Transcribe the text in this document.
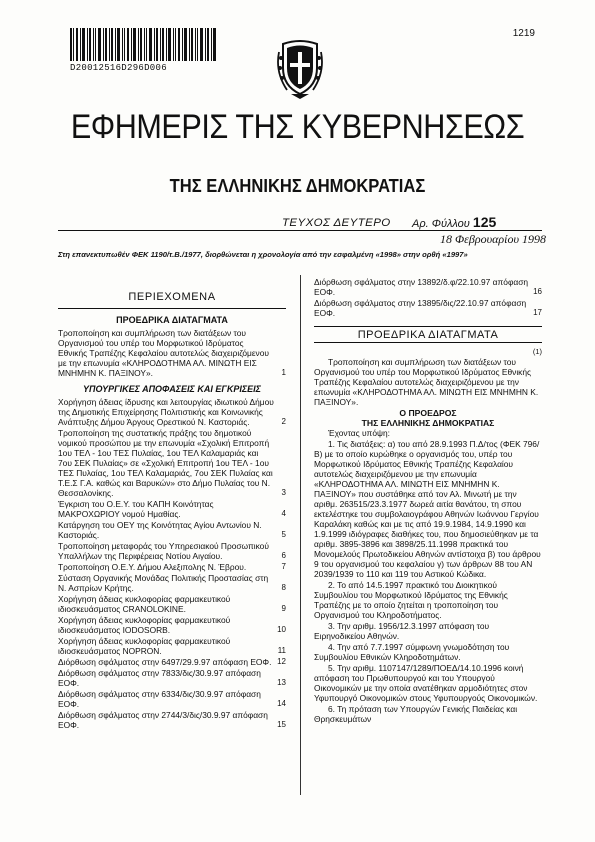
D20012516D296D006
1219
ΕΦΗΜΕΡΙΣ ΤΗΣ ΚΥΒΕΡΝΗΣΕΩΣ
ΤΗΣ ΕΛΛΗΝΙΚΗΣ ΔΗΜΟΚΡΑΤΙΑΣ
ΤΕΥΧΟΣ ΔΕΥΤΕΡΟ Αρ. Φύλλου 125
18 Φεβρουαρίου 1998
Στη επανεκτυπωθέν ΦΕΚ 1190/τ.Β./1977, διορθώνεται η χρονολογία από την εσφαλμένη «1998» στην ορθή «1997»
ΠΕΡΙΕΧΟΜΕΝΑ
ΠΡΟΕΔΡΙΚΑ ΔΙΑΤΑΓΜΑΤΑ
Τροποποίηση και συμπλήρωση των διατάξεων του Οργανισμού του υπέρ του Μορφωτικού Ιδρύματος Εθνικής Τραπέζης Κεφαλαίου αυτοτελώς διαχειριζόμενου με την επωνυμία «ΚΛΗΡΟΔΟΤΗΜΑ ΑΛ. ΜΙΝΩΤΗ ΕΙΣ ΜΝΗΜΗΝ Κ. ΠΑΞΙΝΟΥ».	1
ΥΠΟΥΡΓΙΚΕΣ ΑΠΟΦΑΣΕΙΣ ΚΑΙ ΕΓΚΡΙΣΕΙΣ
Χορήγηση άδειας ίδρυσης και λειτουργίας ιδιωτικού Δήμου της Δημοτικής Επιχείρησης Πολιτιστικής και Κοινωνικής Ανάπτυξης Δήμου Άργους Ορεστικού Ν. Καστοριάς.	2
Τροποποίηση της συστατικής πράξης του δημοτικού νομικού προσώπου με την επωνυμία «Σχολική Επιτροπή 1ου ΤΕΛ - 1ου ΤΕΣ Πυλαίας, 1ου ΤΕΛ Καλαμαριάς και 7ου ΣΕΚ Πυλαίας» σε «Σχολική Επιτροπή 1ου ΤΕΛ - 1ου ΤΕΣ Πυλαίας, 1ου ΤΕΛ Καλαμαριάς, 7ου ΣΕΚ Πυλαίας και Τ.Ε.Σ Γ.Α. καθώς και Βαρυκών» στο Δήμο Πυλαίας του Ν. Θεσσαλονίκης.	3
Έγκριση του Ο.Ε.Υ. του ΚΑΠΗ Κοινότητας ΜΑΚΡΟΧΩΡΙΟΥ νομού Ημαθίας.	4
Κατάργηση του ΟΕΥ της Κοινότητας Αγίου Αντωνίου Ν. Καστοριάς.	5
Τροποποίηση μεταφοράς του Υπηρεσιακού Προσωπικού Υπαλλήλων της Περιφέρειας Νοτίου Αιγαίου.	6
Τροποποίηση Ο.Ε.Υ. Δήμου Αλεξιπολης Ν. Έβρου.	7
Σύσταση Οργανικής Μονάδας Πολιτικής Προστασίας στη Ν. Ασπρίων Κρήτης.	8
Χορήγηση άδειας κυκλοφορίας φαρμακευτικού ιδιοσκευάσματος CRANOLOKINE.	9
Χορήγηση άδειας κυκλοφορίας φαρμακευτικού ιδιοσκευάσματος IODOSORB.	10
Χορήγηση άδειας κυκλοφορίας φαρμακευτικού ιδιοσκευάσματος NOPRON.	11
Διόρθωση σφάλματος στην 6497/29.9.97 απόφαση ΕΟΦ. 12
Διόρθωση σφάλματος στην 7833/δις/30.9.97 απόφαση ΕΟΦ.	13
Διόρθωση σφάλματος στην 6334/δις/30.9.97 απόφαση ΕΟΦ.	14
Διόρθωση σφάλματος στην 2744/3/δις/30.9.97 απόφαση ΕΟΦ.	15
Διόρθωση σφάλματος στην 13892/δ.φ/22.10.97 απόφαση ΕΟΦ.	16
Διόρθωση σφάλματος στην 13895/δις/22.10.97 απόφαση ΕΟΦ.	17
ΠΡΟΕΔΡΙΚΑ ΔΙΑΤΑΓΜΑΤΑ

(1)

Τροποποίηση και συμπλήρωση των διατάξεων του Οργανισμού του υπέρ του Μορφωτικού Ιδρύματος Εθνικής Τραπέζης Κεφαλαίου αυτοτελώς διαχειριζόμενου με την επωνυμία «ΚΛΗΡΟΔΟΤΗΜΑ ΑΛ. ΜΙΝΩΤΗ ΕΙΣ ΜΝΗΜΗΝ Κ. ΠΑΞΙΝΟΥ».

Ο ΠΡΟΕΔΡΟΣ

ΤΗΣ ΕΛΛΗΝΙΚΗΣ ΔΗΜΟΚΡΑΤΙΑΣ

Έχοντας υπόψη:

1. Τις διατάξεις: α) του από 28.9.1993 Π.Δ/τος (ΦΕΚ 796/Β) με το οποίο κυρώθηκε ο οργανισμός του, υπέρ του Μορφωτικού Ιδρύματος Εθνικής Τραπέζης Κεφαλαίου αυτοτελώς διαχειριζόμενου με την επωνυμία «ΚΛΗΡΟΔΟΤΗΜΑ ΑΛ. ΜΙΝΩΤΗ ΕΙΣ ΜΝΗΜΗΝ Κ. ΠΑΞΙΝΟΥ» που συστάθηκε από τον Αλ. Μινωτή με την αριθμ. 263515/23.3.1977 δωρεά αιτία θανάτου, τη σπου εκτελέστηκε του συμβολαιογράφου Αθηνών Ιωάννου Γεργίου Καραλάκη καθώς και με τις από 19.9.1984, 14.9.1990 και 1.9.1999 ιδιόγραφες διαθήκες του, που δημοσιεύθηκαν με τα αριθμ. 3895-3896 και 3898/25.11.1998 πρακτικά του Μονομελούς Πρωτοδικείου Αθηνών αντίστοιχα β) του άρθρου 9 του οργανισμού του κεφαλαίου γ) των άρθρων 88 του ΑΝ 2039/1939 το 110 και 119 του Αστικού Κώδικα.

2. Το από 14.5.1997 πρακτικό του Διοικητικού Συμβουλίου του Μορφωτικού Ιδρύματος της Εθνικής Τραπέζης με το οποίο ζητείται η τροποποίηση του Οργανισμού του Κληροδοτήματος.

3. Την αριθμ. 1956/12.3.1997 απόφαση του Ειρηνοδικείου Αθηνών.

4. Την από 7.7.1997 σύμφωνη γνωμοδότηση του Συμβουλίου Εθνικών Κληροδοτημάτων.

5. Την αριθμ. 1107147/1289/ΠΟΕΔ/14.10.1996 κοινή απόφαση του Πρωθυπουργού και του Υπουργού Οικονομικών με την οποία ανατέθηκαν αρμοδιότητες στον Υφυπουργό Οικονομικών στους Υφυπουργούς Οικονομικών.

6. Τη πρόταση των Υπουργών Γενικής Παιδείας και Θρησκευμάτων
